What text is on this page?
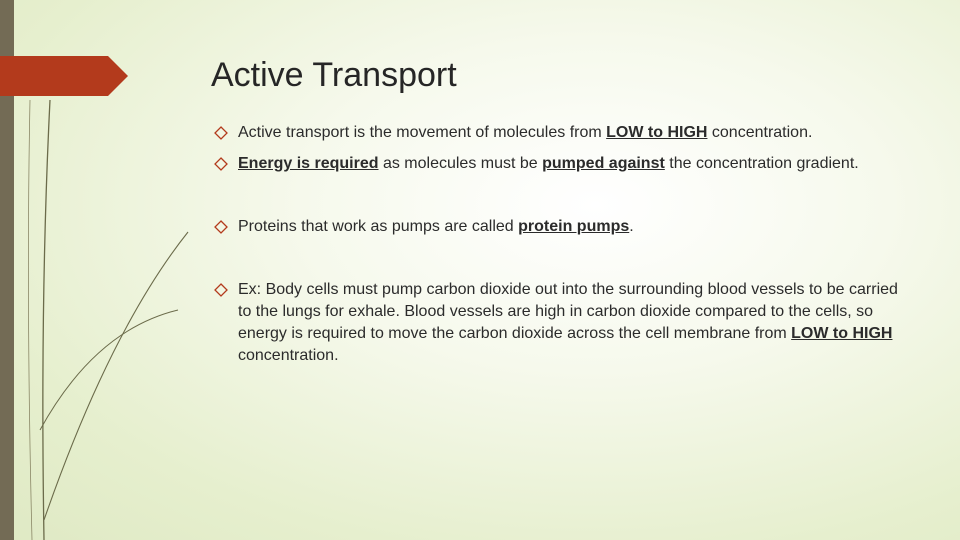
Active Transport
Active transport is the movement of molecules from LOW to HIGH concentration.
Energy is required as molecules must be pumped against the concentration gradient.
Proteins that work as pumps are called protein pumps.
Ex: Body cells must pump carbon dioxide out into the surrounding blood vessels to be carried to the lungs for exhale. Blood vessels are high in carbon dioxide compared to the cells, so energy is required to move the carbon dioxide across the cell membrane from LOW to HIGH concentration.
